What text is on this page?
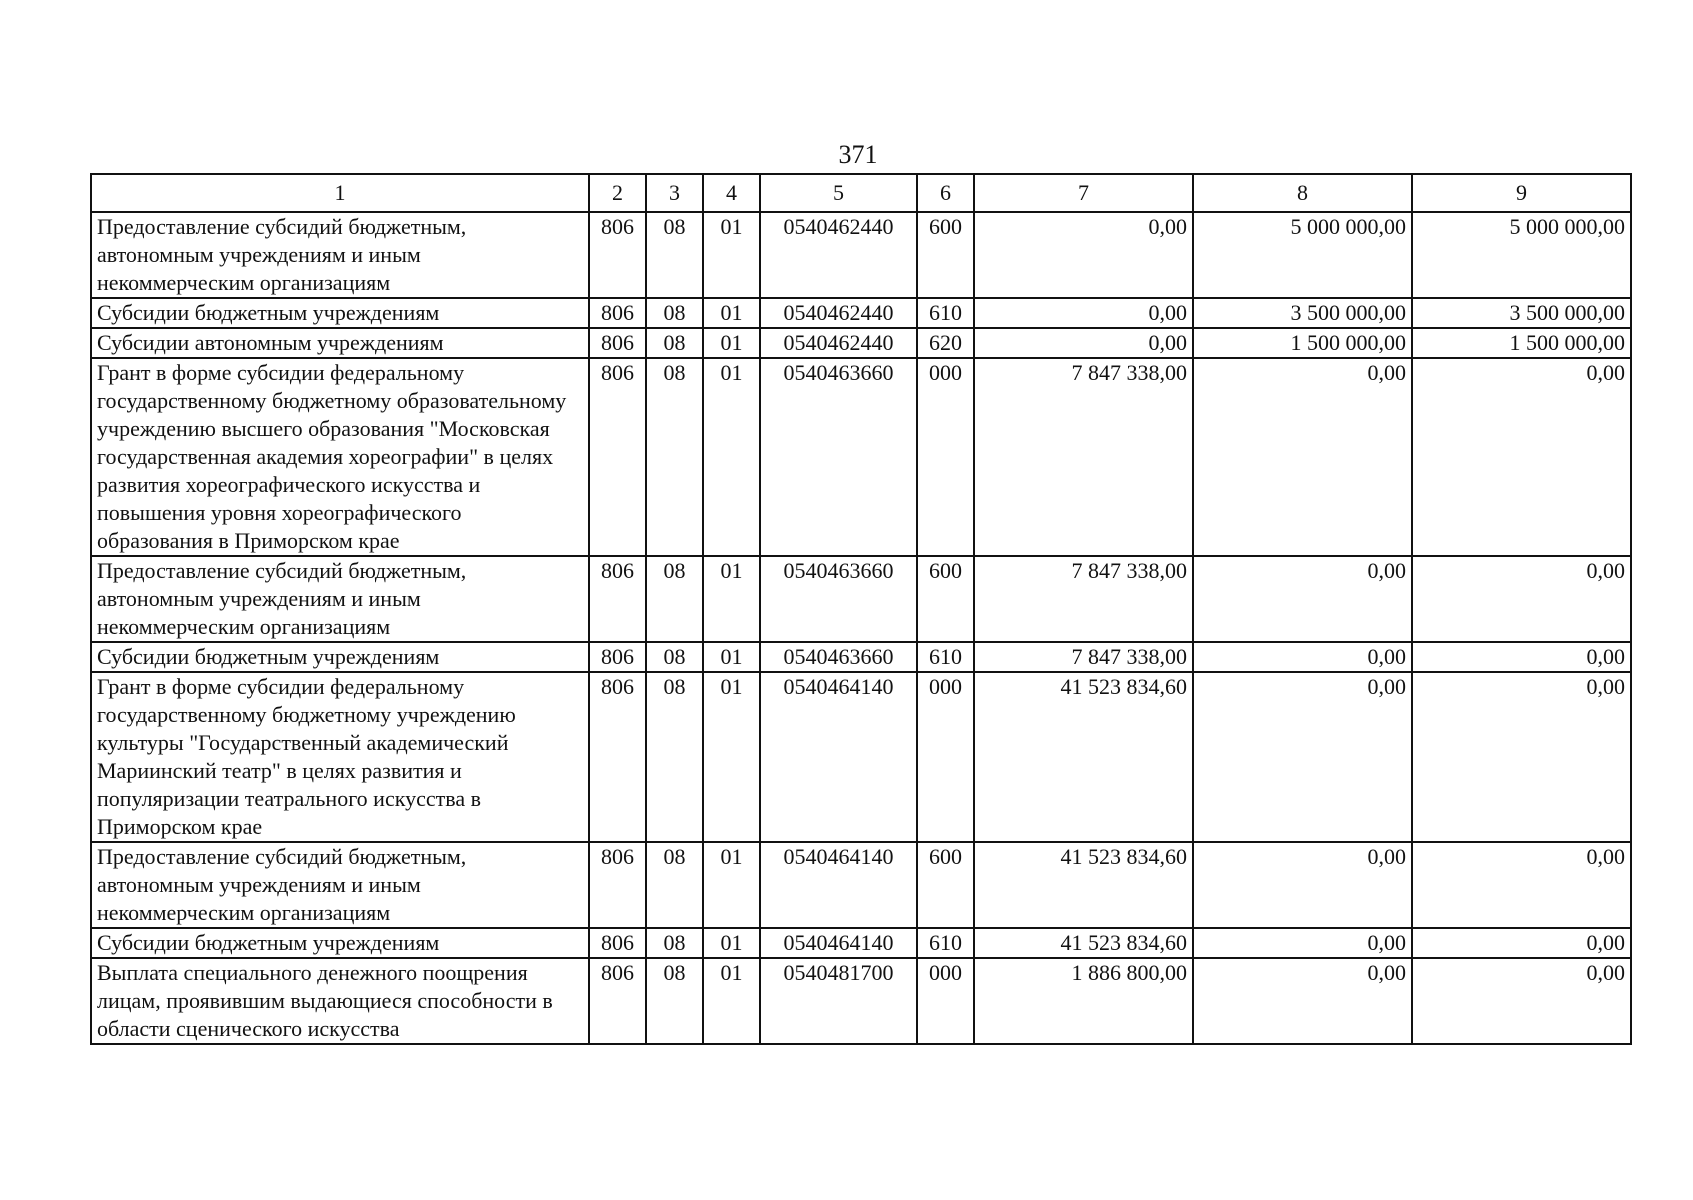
371
1	2	3	4	5	6	7	8	9
Предоставление субсидий бюджетным, автономным учреждениям и иным некоммерческим организациям	806	08	01	0540462440	600	0,00	5 000 000,00	5 000 000,00
Субсидии бюджетным учреждениям	806	08	01	0540462440	610	0,00	3 500 000,00	3 500 000,00
Субсидии автономным учреждениям	806	08	01	0540462440	620	0,00	1 500 000,00	1 500 000,00
Грант в форме субсидии федеральному государственному бюджетному образовательному учреждению высшего образования "Московская государственная академия хореографии" в целях развития хореографического искусства и повышения уровня хореографического образования в Приморском крае	806	08	01	0540463660	000	7 847 338,00	0,00	0,00
Предоставление субсидий бюджетным, автономным учреждениям и иным некоммерческим организациям	806	08	01	0540463660	600	7 847 338,00	0,00	0,00
Субсидии бюджетным учреждениям	806	08	01	0540463660	610	7 847 338,00	0,00	0,00
Грант в форме субсидии федеральному государственному бюджетному учреждению культуры "Государственный академический Мариинский театр" в целях развития и популяризации театрального искусства в Приморском крае	806	08	01	0540464140	000	41 523 834,60	0,00	0,00
Предоставление субсидий бюджетным, автономным учреждениям и иным некоммерческим организациям	806	08	01	0540464140	600	41 523 834,60	0,00	0,00
Субсидии бюджетным учреждениям	806	08	01	0540464140	610	41 523 834,60	0,00	0,00
Выплата специального денежного поощрения лицам, проявившим выдающиеся способности в области сценического искусства	806	08	01	0540481700	000	1 886 800,00	0,00	0,00
